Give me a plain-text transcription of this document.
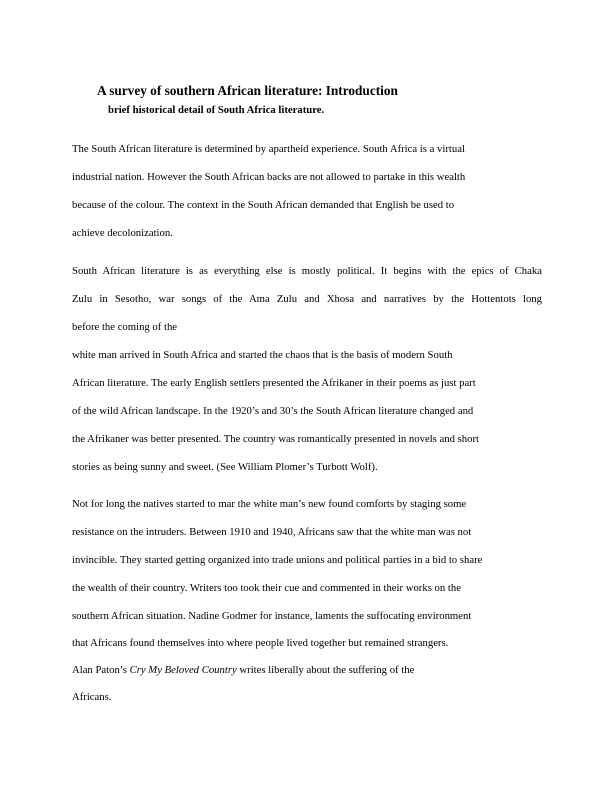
A survey of southern African literature: Introduction
brief historical detail of South Africa literature.
The South African literature is determined by apartheid experience. South Africa is a virtual
industrial nation. However the South African backs are not allowed to partake in this wealth
because of the colour. The context in the South African demanded that English be used to
achieve decolonization.
South African literature is as everything else is mostly political. It begins with the epics of Chaka
Zulu in Sesotho, war songs of the Ama Zulu and Xhosa and narratives by the Hottentots long
before the coming of the
white man arrived in South Africa and started the chaos that is the basis of modern South
African literature. The early English settlers presented the Afrikaner in their poems as just part
of the wild African landscape. In the 1920’s and 30’s the South African literature changed and
the Afrikaner was better presented. The country was romantically presented in novels and short
stories as being sunny and sweet. (See William Plomer’s Turbott Wolf).
Not for long the natives started to mar the white man’s new found comforts by staging some
resistance on the intruders. Between 1910 and 1940, Africans saw that the white man was not
invincible. They started getting organized into trade unions and political parties in a bid to share
the wealth of their country. Writers too took their cue and commented in their works on the
southern African situation. Nadine Godmer for instance, laments the suffocating environment
that Africans found themselves into where people lived together but remained strangers.
Alan Paton’s Cry My Beloved Country writes liberally about the suffering of the
Africans.
